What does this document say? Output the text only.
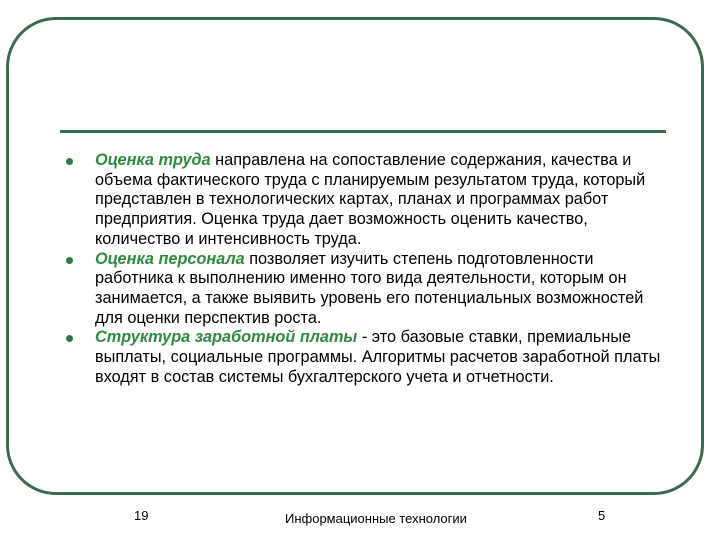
Оценка труда направлена на сопоставление содержания, качества и объема фактического труда с планируемым результатом труда, который представлен в технологических картах, планах и программах работ предприятия. Оценка труда дает возможность оценить качество, количество и интенсивность труда.
Оценка персонала позволяет изучить степень подготовленности работника к выполнению именно того вида деятельности, которым он занимается, а также выявить уровень его потенциальных возможностей для оценки перспектив роста.
Структура заработной платы - это базовые ставки, премиальные выплаты, социальные программы. Алгоритмы расчетов заработной платы входят в состав системы бухгалтерского учета и отчетности.
19	Информационные технологии	5
